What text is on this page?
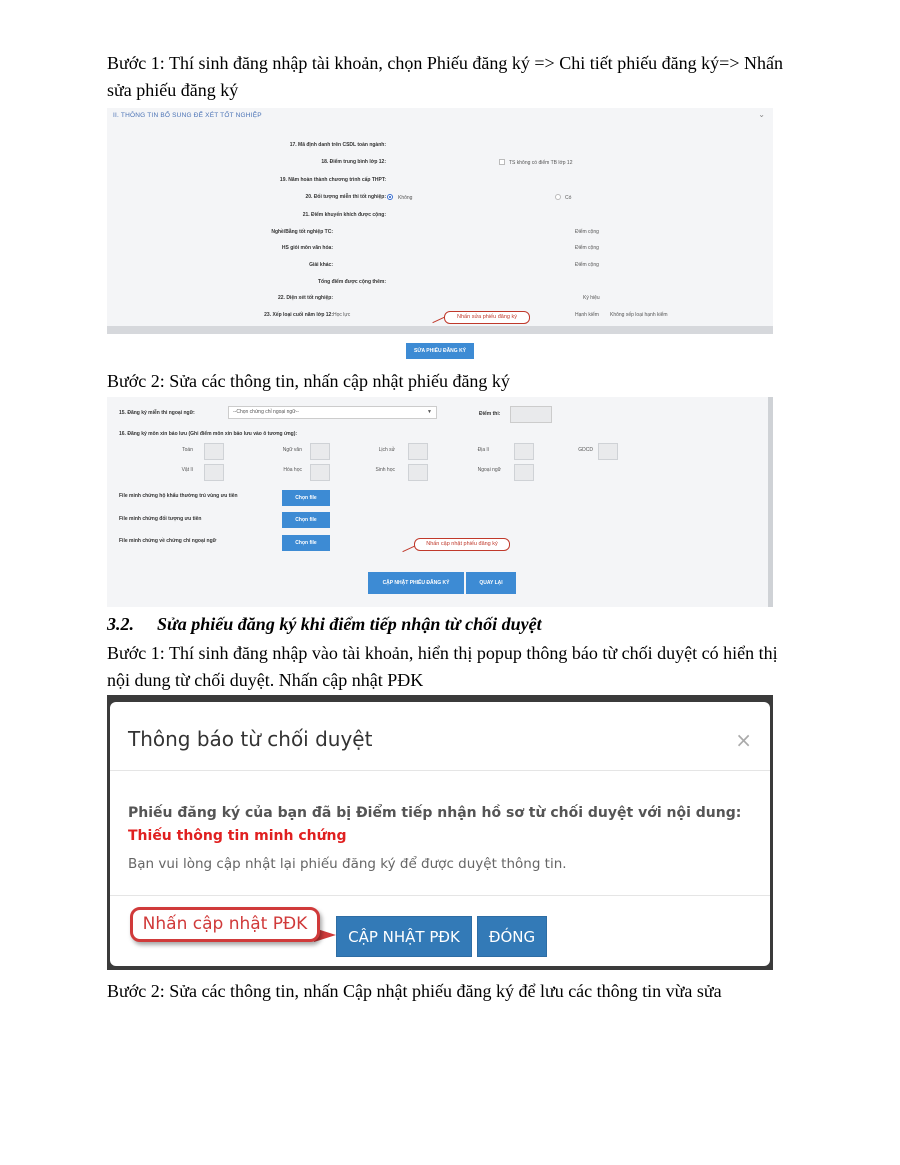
Bước 1: Thí sinh đăng nhập tài khoản, chọn Phiếu đăng ký => Chi tiết phiếu đăng ký=> Nhấn
sửa phiếu đăng ký
II. THÔNG TIN BỔ SUNG ĐỂ XÉT TỐT NGHIỆP	⌄
17. Mã định danh trên CSDL toàn ngành:
18. Điểm trung bình lớp 12:	TS không có điểm TB lớp 12
19. Năm hoàn thành chương trình cấp THPT:
20. Đối tượng miễn thi tốt nghiệp: Không	Có
21. Điểm khuyến khích được cộng:
Nghề/Bằng tốt nghiệp TC:	Điểm cộng
HS giỏi môn văn hóa:	Điểm cộng
Giải khác:	Điểm cộng
Tổng điểm được cộng thêm:
22. Diện xét tốt nghiệp:	Ký hiệu
23. Xếp loại cuối năm lớp 12: Học lực	Hạnh kiểm Không xếp loại hạnh kiểm
Nhấn sửa phiếu đăng ký
SỬA PHIẾU ĐĂNG KÝ
Bước 2: Sửa các thông tin, nhấn cập nhật phiếu đăng ký
15. Đăng ký miễn thi ngoại ngữ:	--Chọn chứng chỉ ngoại ngữ--	▼	Điểm thi:
16. Đăng ký môn xin bảo lưu (Ghi điểm môn xin bảo lưu vào ô tương ứng):
Toán	Ngữ văn	Lịch sử	Địa lí	GDCD
Vật lí	Hóa học	Sinh học	Ngoại ngữ
File minh chứng hộ khẩu thường trú vùng ưu tiên	Chọn file
File minh chứng đối tượng ưu tiên	Chọn file
File minh chứng về chứng chỉ ngoại ngữ	Chọn file	Nhấn cập nhật phiếu đăng ký
CẬP NHẬT PHIẾU ĐĂNG KÝ	QUAY LẠI
3.2. Sửa phiếu đăng ký khi điểm tiếp nhận từ chối duyệt
Bước 1: Thí sinh đăng nhập vào tài khoản, hiển thị popup thông báo từ chối duyệt có hiển thị
nội dung từ chối duyệt. Nhấn cập nhật PĐK
Thông báo từ chối duyệt	×
Phiếu đăng ký của bạn đã bị Điểm tiếp nhận hồ sơ từ chối duyệt với nội dung:
Thiếu thông tin minh chứng
Bạn vui lòng cập nhật lại phiếu đăng ký để được duyệt thông tin.
Nhấn cập nhật PĐK
CẬP NHẬT PĐK	ĐÓNG
Bước 2: Sửa các thông tin, nhấn Cập nhật phiếu đăng ký để lưu các thông tin vừa sửa
